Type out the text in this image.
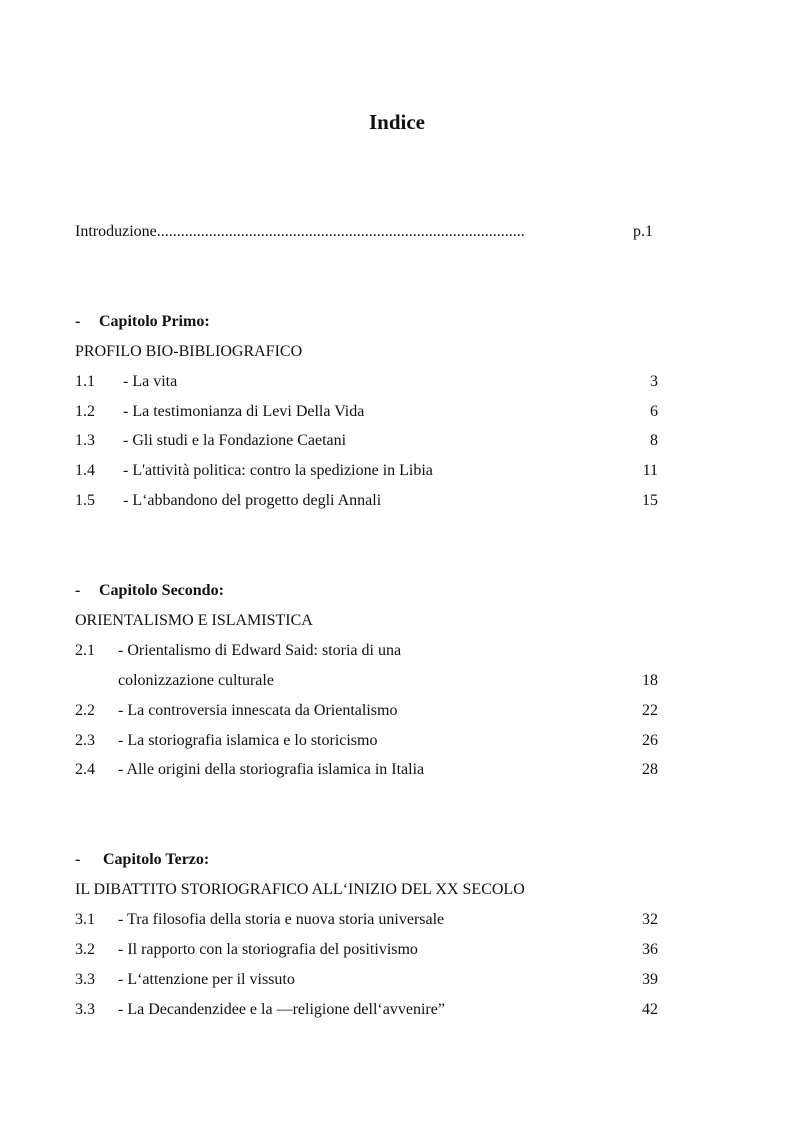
Indice
Introduzione............................................................................................	p.1
- Capitolo Primo:
PROFILO BIO-BIBLIOGRAFICO
1.1 - La vita	3
1.2 - La testimonianza di Levi Della Vida	6
1.3 - Gli studi e la Fondazione Caetani	8
1.4 - L'attività politica: contro la spedizione in Libia	11
1.5 - L‘abbandono del progetto degli Annali	15
- Capitolo Secondo:
ORIENTALISMO E ISLAMISTICA
2.1 - Orientalismo di Edward Said: storia di una
colonizzazione culturale	18
2.2 - La controversia innescata da Orientalismo	22
2.3 - La storiografia islamica e lo storicismo	26
2.4 - Alle origini della storiografia islamica in Italia	28
- Capitolo Terzo:
IL DIBATTITO STORIOGRAFICO ALL‘INIZIO DEL XX SECOLO
3.1 - Tra filosofia della storia e nuova storia universale	32
3.2 - Il rapporto con la storiografia del positivismo	36
3.3 - L‘attenzione per il vissuto	39
3.3 - La Decandenzidee e la ―religione dell‘avvenire”	42
